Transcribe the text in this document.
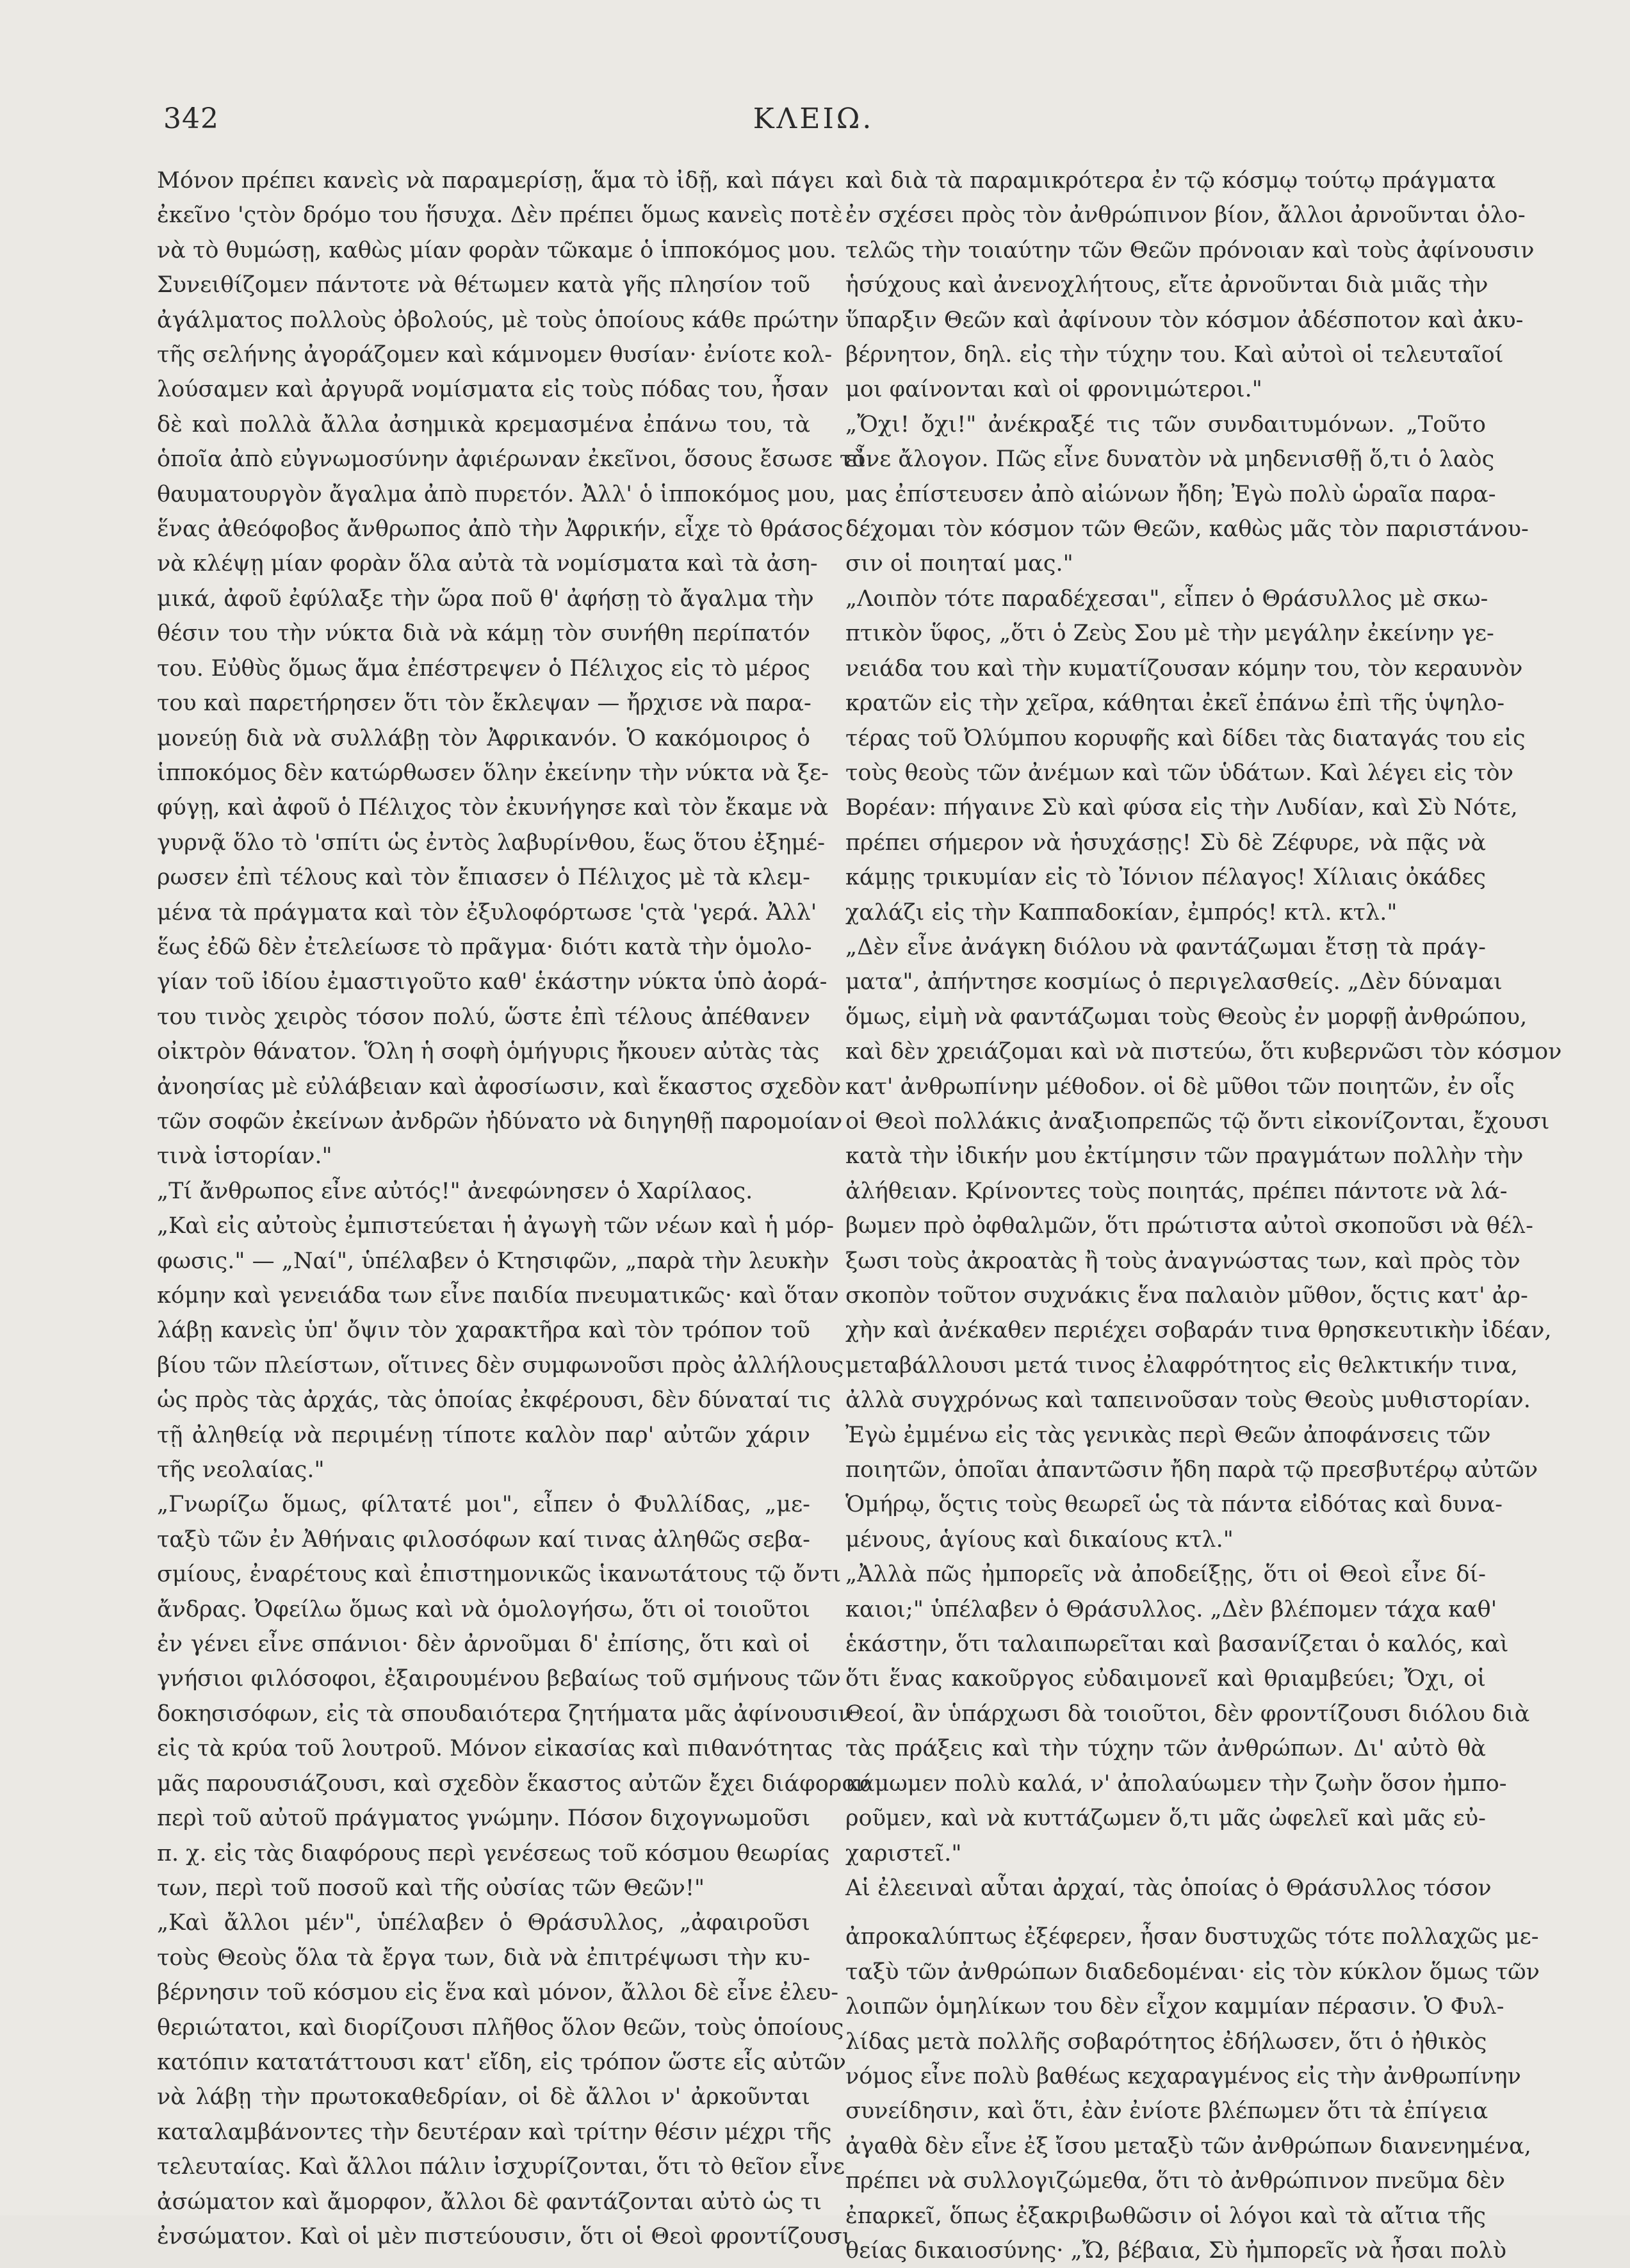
342	ΚΛΕΙΩ.
Μόνον πρέπει κανεὶς νὰ παραμερίσῃ, ἅμα τὸ ἰδῇ, καὶ πάγει
ἐκεῖνο 'ςτὸν δρόμο του ἥσυχα. Δὲν πρέπει ὅμως κανεὶς ποτὲ
νὰ τὸ θυμώσῃ, καθὼς μίαν φορὰν τῶκαμε ὁ ἱπποκόμος μου.
Συνειθίζομεν πάντοτε νὰ θέτωμεν κατὰ γῆς πλησίον τοῦ
ἀγάλματος πολλοὺς ὀβολούς, μὲ τοὺς ὁποίους κάθε πρώτην
τῆς σελήνης ἀγοράζομεν καὶ κάμνομεν θυσίαν· ἐνίοτε κολ-
λούσαμεν καὶ ἀργυρᾶ νομίσματα εἰς τοὺς πόδας του, ἦσαν
δὲ καὶ πολλὰ ἄλλα ἀσημικὰ κρεμασμένα ἐπάνω του, τὰ
ὁποῖα ἀπὸ εὐγνωμοσύνην ἀφιέρωναν ἐκεῖνοι, ὅσους ἔσωσε τὸ
θαυματουργὸν ἄγαλμα ἀπὸ πυρετόν. Ἀλλ' ὁ ἱπποκόμος μου,
ἕνας ἀθεόφοβος ἄνθρωπος ἀπὸ τὴν Ἀφρικήν, εἶχε τὸ θράσος
νὰ κλέψῃ μίαν φορὰν ὅλα αὐτὰ τὰ νομίσματα καὶ τὰ ἀση-
μικά, ἀφοῦ ἐφύλαξε τὴν ὥρα ποῦ θ' ἀφήσῃ τὸ ἄγαλμα τὴν
θέσιν του τὴν νύκτα διὰ νὰ κάμῃ τὸν συνήθη περίπατόν
του. Εὐθὺς ὅμως ἅμα ἐπέστρεψεν ὁ Πέλιχος εἰς τὸ μέρος
του καὶ παρετήρησεν ὅτι τὸν ἔκλεψαν — ἤρχισε νὰ παρα-
μονεύῃ διὰ νὰ συλλάβῃ τὸν Ἀφρικανόν. Ὁ κακόμοιρος ὁ
ἱπποκόμος δὲν κατώρθωσεν ὅλην ἐκείνην τὴν νύκτα νὰ ξε-
φύγῃ, καὶ ἀφοῦ ὁ Πέλιχος τὸν ἐκυνήγησε καὶ τὸν ἔκαμε νὰ
γυρνᾷ ὅλο τὸ 'σπίτι ὡς ἐντὸς λαβυρίνθου, ἕως ὅτου ἐξημέ-
ρωσεν ἐπὶ τέλους καὶ τὸν ἔπιασεν ὁ Πέλιχος μὲ τὰ κλεμ-
μένα τὰ πράγματα καὶ τὸν ἐξυλοφόρτωσε 'ςτὰ 'γερά. Ἀλλ'
ἕως ἐδῶ δὲν ἐτελείωσε τὸ πρᾶγμα· διότι κατὰ τὴν ὁμολο-
γίαν τοῦ ἰδίου ἐμαστιγοῦτο καθ' ἑκάστην νύκτα ὑπὸ ἀορά-
του τινὸς χειρὸς τόσον πολύ, ὥστε ἐπὶ τέλους ἀπέθανεν
οἰκτρὸν θάνατον. Ὅλη ἡ σοφὴ ὁμήγυρις ἤκουεν αὐτὰς τὰς
ἀνοησίας μὲ εὐλάβειαν καὶ ἀφοσίωσιν, καὶ ἕκαστος σχεδὸν
τῶν σοφῶν ἐκείνων ἀνδρῶν ἠδύνατο νὰ διηγηθῇ παρομοίαν
τινὰ ἱστορίαν."
„Τί ἄνθρωπος εἶνε αὐτός!" ἀνεφώνησεν ὁ Χαρίλαος.
„Καὶ εἰς αὐτοὺς ἐμπιστεύεται ἡ ἀγωγὴ τῶν νέων καὶ ἡ μόρ-
φωσις." — „Ναί", ὑπέλαβεν ὁ Κτησιφῶν, „παρὰ τὴν λευκὴν
κόμην καὶ γενειάδα των εἶνε παιδία πνευματικῶς· καὶ ὅταν
λάβῃ κανεὶς ὑπ' ὄψιν τὸν χαρακτῆρα καὶ τὸν τρόπον τοῦ
βίου τῶν πλείστων, οἵτινες δὲν συμφωνοῦσι πρὸς ἀλλήλους
ὡς πρὸς τὰς ἀρχάς, τὰς ὁποίας ἐκφέρουσι, δὲν δύναταί τις
τῇ ἀληθείᾳ νὰ περιμένῃ τίποτε καλὸν παρ' αὐτῶν χάριν
τῆς νεολαίας."
„Γνωρίζω ὅμως, φίλτατέ μοι", εἶπεν ὁ Φυλλίδας, „με-
ταξὺ τῶν ἐν Ἀθήναις φιλοσόφων καί τινας ἀληθῶς σεβα-
σμίους, ἐναρέτους καὶ ἐπιστημονικῶς ἱκανωτάτους τῷ ὄντι
ἄνδρας. Ὀφείλω ὅμως καὶ νὰ ὁμολογήσω, ὅτι οἱ τοιοῦτοι
ἐν γένει εἶνε σπάνιοι· δὲν ἀρνοῦμαι δ' ἐπίσης, ὅτι καὶ οἱ
γνήσιοι φιλόσοφοι, ἐξαιρουμένου βεβαίως τοῦ σμήνους τῶν
δοκησισόφων, εἰς τὰ σπουδαιότερα ζητήματα μᾶς ἀφίνουσιν
εἰς τὰ κρύα τοῦ λουτροῦ. Μόνον εἰκασίας καὶ πιθανότητας
μᾶς παρουσιάζουσι, καὶ σχεδὸν ἕκαστος αὐτῶν ἔχει διάφορον
περὶ τοῦ αὐτοῦ πράγματος γνώμην. Πόσον διχογνωμοῦσι
π. χ. εἰς τὰς διαφόρους περὶ γενέσεως τοῦ κόσμου θεωρίας
των, περὶ τοῦ ποσοῦ καὶ τῆς οὐσίας τῶν Θεῶν!"
„Καὶ ἄλλοι μέν", ὑπέλαβεν ὁ Θράσυλλος, „ἀφαιροῦσι
τοὺς Θεοὺς ὅλα τὰ ἔργα των, διὰ νὰ ἐπιτρέψωσι τὴν κυ-
βέρνησιν τοῦ κόσμου εἰς ἕνα καὶ μόνον, ἄλλοι δὲ εἶνε ἐλευ-
θεριώτατοι, καὶ διορίζουσι πλῆθος ὅλον θεῶν, τοὺς ὁποίους
κατόπιν κατατάττουσι κατ' εἴδη, εἰς τρόπον ὥστε εἷς αὐτῶν
νὰ λάβῃ τὴν πρωτοκαθεδρίαν, οἱ δὲ ἄλλοι ν' ἀρκοῦνται
καταλαμβάνοντες τὴν δευτέραν καὶ τρίτην θέσιν μέχρι τῆς
τελευταίας. Καὶ ἄλλοι πάλιν ἰσχυρίζονται, ὅτι τὸ θεῖον εἶνε
ἀσώματον καὶ ἄμορφον, ἄλλοι δὲ φαντάζονται αὐτὸ ὡς τι
ἐνσώματον. Καὶ οἱ μὲν πιστεύουσιν, ὅτι οἱ Θεοὶ φροντίζουσι
καὶ διὰ τὰ παραμικρότερα ἐν τῷ κόσμῳ τούτῳ πράγματα
ἐν σχέσει πρὸς τὸν ἀνθρώπινον βίον, ἄλλοι ἀρνοῦνται ὁλο-
τελῶς τὴν τοιαύτην τῶν Θεῶν πρόνοιαν καὶ τοὺς ἀφίνουσιν
ἡσύχους καὶ ἀνενοχλήτους, εἴτε ἀρνοῦνται διὰ μιᾶς τὴν
ὕπαρξιν Θεῶν καὶ ἀφίνουν τὸν κόσμον ἀδέσποτον καὶ ἀκυ-
βέρνητον, δηλ. εἰς τὴν τύχην του. Καὶ αὐτοὶ οἱ τελευταῖοί
μοι φαίνονται καὶ οἱ φρονιμώτεροι."
„Ὄχι! ὄχι!" ἀνέκραξέ τις τῶν συνδαιτυμόνων. „Τοῦτο
εἶνε ἄλογον. Πῶς εἶνε δυνατὸν νὰ μηδενισθῇ ὅ,τι ὁ λαὸς
μας ἐπίστευσεν ἀπὸ αἰώνων ἤδη; Ἐγὼ πολὺ ὡραῖα παρα-
δέχομαι τὸν κόσμον τῶν Θεῶν, καθὼς μᾶς τὸν παριστάνου-
σιν οἱ ποιηταί μας."
„Λοιπὸν τότε παραδέχεσαι", εἶπεν ὁ Θράσυλλος μὲ σκω-
πτικὸν ὕφος, „ὅτι ὁ Ζεὺς Σου μὲ τὴν μεγάλην ἐκείνην γε-
νειάδα του καὶ τὴν κυματίζουσαν κόμην του, τὸν κεραυνὸν
κρατῶν εἰς τὴν χεῖρα, κάθηται ἐκεῖ ἐπάνω ἐπὶ τῆς ὑψηλο-
τέρας τοῦ Ὀλύμπου κορυφῆς καὶ δίδει τὰς διαταγάς του εἰς
τοὺς θεοὺς τῶν ἀνέμων καὶ τῶν ὑδάτων. Καὶ λέγει εἰς τὸν
Βορέαν: πήγαινε Σὺ καὶ φύσα εἰς τὴν Λυδίαν, καὶ Σὺ Νότε,
πρέπει σήμερον νὰ ἡσυχάσῃς! Σὺ δὲ Ζέφυρε, νὰ πᾷς νὰ
κάμῃς τρικυμίαν εἰς τὸ Ἰόνιον πέλαγος! Χίλιαις ὀκάδες
χαλάζι εἰς τὴν Καππαδοκίαν, ἐμπρός! κτλ. κτλ."
„Δὲν εἶνε ἀνάγκη διόλου νὰ φαντάζωμαι ἔτσῃ τὰ πράγ-
ματα", ἀπήντησε κοσμίως ὁ περιγελασθείς. „Δὲν δύναμαι
ὅμως, εἰμὴ νὰ φαντάζωμαι τοὺς Θεοὺς ἐν μορφῇ ἀνθρώπου,
καὶ δὲν χρειάζομαι καὶ νὰ πιστεύω, ὅτι κυβερνῶσι τὸν κόσμον
κατ' ἀνθρωπίνην μέθοδον. οἱ δὲ μῦθοι τῶν ποιητῶν, ἐν οἷς
οἱ Θεοὶ πολλάκις ἀναξιοπρεπῶς τῷ ὄντι εἰκονίζονται, ἔχουσι
κατὰ τὴν ἰδικήν μου ἐκτίμησιν τῶν πραγμάτων πολλὴν τὴν
ἀλήθειαν. Κρίνοντες τοὺς ποιητάς, πρέπει πάντοτε νὰ λά-
βωμεν πρὸ ὀφθαλμῶν, ὅτι πρώτιστα αὐτοὶ σκοποῦσι νὰ θέλ-
ξωσι τοὺς ἀκροατὰς ἢ τοὺς ἀναγνώστας των, καὶ πρὸς τὸν
σκοπὸν τοῦτον συχνάκις ἕνα παλαιὸν μῦθον, ὅςτις κατ' ἀρ-
χὴν καὶ ἀνέκαθεν περιέχει σοβαράν τινα θρησκευτικὴν ἰδέαν,
μεταβάλλουσι μετά τινος ἐλαφρότητος εἰς θελκτικήν τινα,
ἀλλὰ συγχρόνως καὶ ταπεινοῦσαν τοὺς Θεοὺς μυθιστορίαν.
Ἐγὼ ἐμμένω εἰς τὰς γενικὰς περὶ Θεῶν ἀποφάνσεις τῶν
ποιητῶν, ὁποῖαι ἀπαντῶσιν ἤδη παρὰ τῷ πρεσβυτέρῳ αὐτῶν
Ὁμήρῳ, ὅςτις τοὺς θεωρεῖ ὡς τὰ πάντα εἰδότας καὶ δυνα-
μένους, ἁγίους καὶ δικαίους κτλ."
„Ἀλλὰ πῶς ἠμπορεῖς νὰ ἀποδείξῃς, ὅτι οἱ Θεοὶ εἶνε δί-
καιοι;" ὑπέλαβεν ὁ Θράσυλλος. „Δὲν βλέπομεν τάχα καθ'
ἑκάστην, ὅτι ταλαιπωρεῖται καὶ βασανίζεται ὁ καλός, καὶ
ὅτι ἕνας κακοῦργος εὐδαιμονεῖ καὶ θριαμβεύει; Ὄχι, οἱ
Θεοί, ἂν ὑπάρχωσι δὰ τοιοῦτοι, δὲν φροντίζουσι διόλου διὰ
τὰς πράξεις καὶ τὴν τύχην τῶν ἀνθρώπων. Δι' αὐτὸ θὰ
κάμωμεν πολὺ καλά, ν' ἀπολαύωμεν τὴν ζωὴν ὅσον ἠμπο-
ροῦμεν, καὶ νὰ κυττάζωμεν ὅ,τι μᾶς ὠφελεῖ καὶ μᾶς εὐ-
χαριστεῖ."
Αἱ ἐλεειναὶ αὗται ἀρχαί, τὰς ὁποίας ὁ Θράσυλλος τόσον
ἀπροκαλύπτως ἐξέφερεν, ἦσαν δυστυχῶς τότε πολλαχῶς με-
ταξὺ τῶν ἀνθρώπων διαδεδομέναι· εἰς τὸν κύκλον ὅμως τῶν
λοιπῶν ὁμηλίκων του δὲν εἶχον καμμίαν πέρασιν. Ὁ Φυλ-
λίδας μετὰ πολλῆς σοβαρότητος ἐδήλωσεν, ὅτι ὁ ἠθικὸς
νόμος εἶνε πολὺ βαθέως κεχαραγμένος εἰς τὴν ἀνθρωπίνην
συνείδησιν, καὶ ὅτι, ἐὰν ἐνίοτε βλέπωμεν ὅτι τὰ ἐπίγεια
ἀγαθὰ δὲν εἶνε ἐξ ἴσου μεταξὺ τῶν ἀνθρώπων διανενημένα,
πρέπει νὰ συλλογιζώμεθα, ὅτι τὸ ἀνθρώπινον πνεῦμα δὲν
ἐπαρκεῖ, ὅπως ἐξακριβωθῶσιν οἱ λόγοι καὶ τὰ αἴτια τῆς
θείας δικαιοσύνης· „Ὤ, βέβαια, Σὺ ἠμπορεῖς νὰ ἦσαι πολὺ
